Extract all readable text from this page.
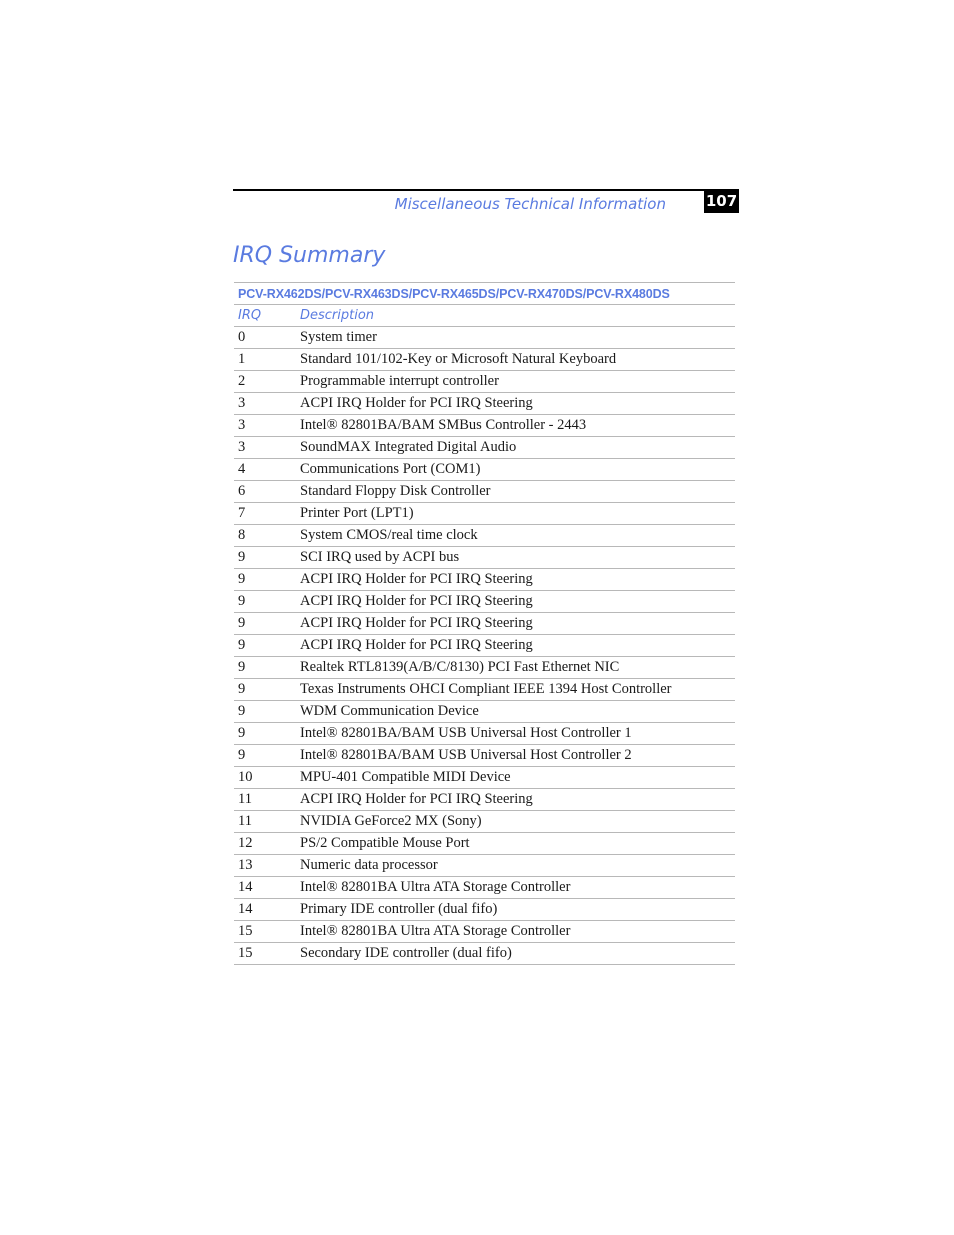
Miscellaneous Technical Information	107
IRQ Summary
PCV-RX462DS/PCV-RX463DS/PCV-RX465DS/PCV-RX470DS/PCV-RX480DS	
IRQ	Description
0	System timer
1	Standard 101/102-Key or Microsoft Natural Keyboard
2	Programmable interrupt controller
3	ACPI IRQ Holder for PCI IRQ Steering
3	Intel® 82801BA/BAM SMBus Controller - 2443
3	SoundMAX Integrated Digital Audio
4	Communications Port (COM1)
6	Standard Floppy Disk Controller
7	Printer Port (LPT1)
8	System CMOS/real time clock
9	SCI IRQ used by ACPI bus
9	ACPI IRQ Holder for PCI IRQ Steering
9	ACPI IRQ Holder for PCI IRQ Steering
9	ACPI IRQ Holder for PCI IRQ Steering
9	ACPI IRQ Holder for PCI IRQ Steering
9	Realtek RTL8139(A/B/C/8130) PCI Fast Ethernet NIC
9	Texas Instruments OHCI Compliant IEEE 1394 Host Controller
9	WDM Communication Device
9	Intel® 82801BA/BAM USB Universal Host Controller 1
9	Intel® 82801BA/BAM USB Universal Host Controller 2
10	MPU-401 Compatible MIDI Device
11	ACPI IRQ Holder for PCI IRQ Steering
11	NVIDIA GeForce2 MX (Sony)
12	PS/2 Compatible Mouse Port
13	Numeric data processor
14	Intel® 82801BA Ultra ATA Storage Controller
14	Primary IDE controller (dual fifo)
15	Intel® 82801BA Ultra ATA Storage Controller
15	Secondary IDE controller (dual fifo)
